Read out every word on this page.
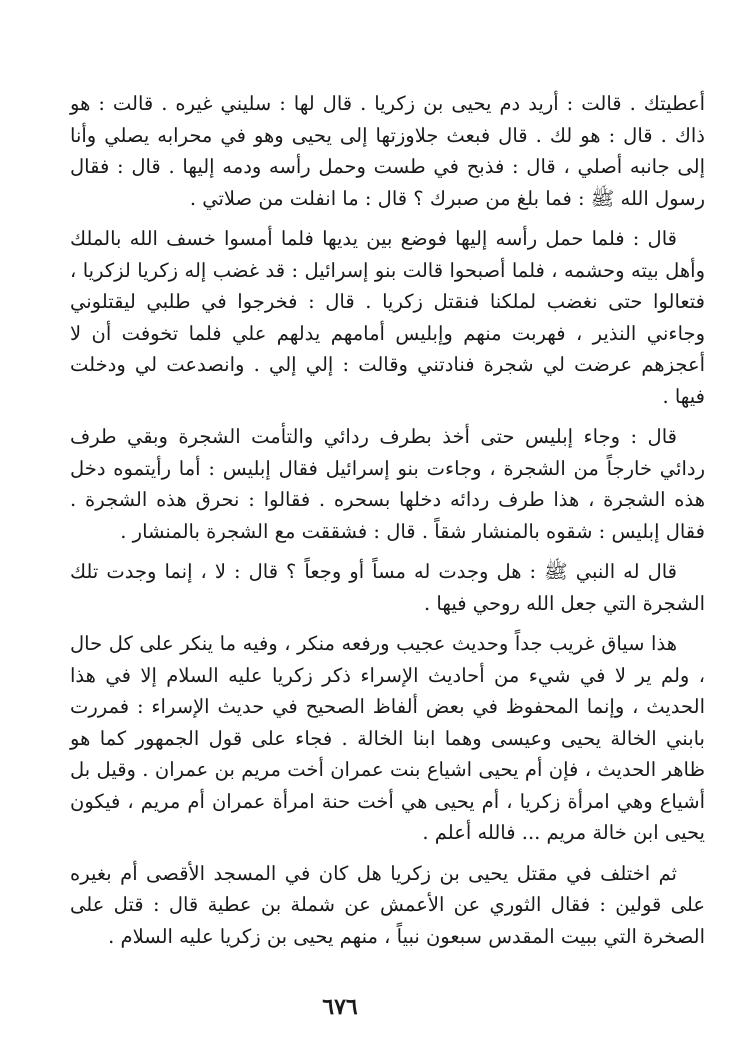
أعطيتك . قالت : أريد دم يحيى بن زكريا . قال لها : سليني غيره . قالت : هو ذاك . قال : هو لك . قال فبعث جلاوزتها إلى يحيى وهو في محرابه يصلي وأنا إلى جانبه أصلي ، قال : فذبح في طست وحمل رأسه ودمه إليها . قال : فقال رسول الله ﷺ : فما بلغ من صبرك ؟ قال : ما انفلت من صلاتي .

قال : فلما حمل رأسه إليها فوضع بين يديها فلما أمسوا خسف الله بالملك وأهل بيته وحشمه ، فلما أصبحوا قالت بنو إسرائيل : قد غضب إله زكريا لزكريا ، فتعالوا حتى نغضب لملكنا فنقتل زكريا . قال : فخرجوا في طلبي ليقتلوني وجاءني النذير ، فهربت منهم وإبليس أمامهم يدلهم علي فلما تخوفت أن لا أعجزهم عرضت لي شجرة فنادتني وقالت : إلي إلي . وانصدعت لي ودخلت فيها .

قال : وجاء إبليس حتى أخذ بطرف ردائي والتأمت الشجرة وبقي طرف ردائي خارجاً من الشجرة ، وجاءت بنو إسرائيل فقال إبليس : أما رأيتموه دخل هذه الشجرة ، هذا طرف ردائه دخلها بسحره . فقالوا : نحرق هذه الشجرة . فقال إبليس : شقوه بالمنشار شقاً . قال : فشققت مع الشجرة بالمنشار .

قال له النبي ﷺ : هل وجدت له مساً أو وجعاً ؟ قال : لا ، إنما وجدت تلك الشجرة التي جعل الله روحي فيها .

هذا سياق غريب جداً وحديث عجيب ورفعه منكر ، وفيه ما ينكر على كل حال ، ولم ير لا في شيء من أحاديث الإسراء ذكر زكريا عليه السلام إلا في هذا الحديث ، وإنما المحفوظ في بعض ألفاظ الصحيح في حديث الإسراء : فمررت بابني الخالة يحيى وعيسى وهما ابنا الخالة . فجاء على قول الجمهور كما هو ظاهر الحديث ، فإن أم يحيى اشياع بنت عمران أخت مريم بن عمران . وقيل بل أشياع وهي امرأة زكريا ، أم يحيى هي أخت حنة امرأة عمران أم مريم ، فيكون يحيى ابن خالة مريم ... فالله أعلم .

ثم اختلف في مقتل يحيى بن زكريا هل كان في المسجد الأقصى أم بغيره على قولين : فقال الثوري عن الأعمش عن شملة بن عطية قال : قتل على الصخرة التي ببيت المقدس سبعون نبياً ، منهم يحيى بن زكريا عليه السلام .

٦٧٦
